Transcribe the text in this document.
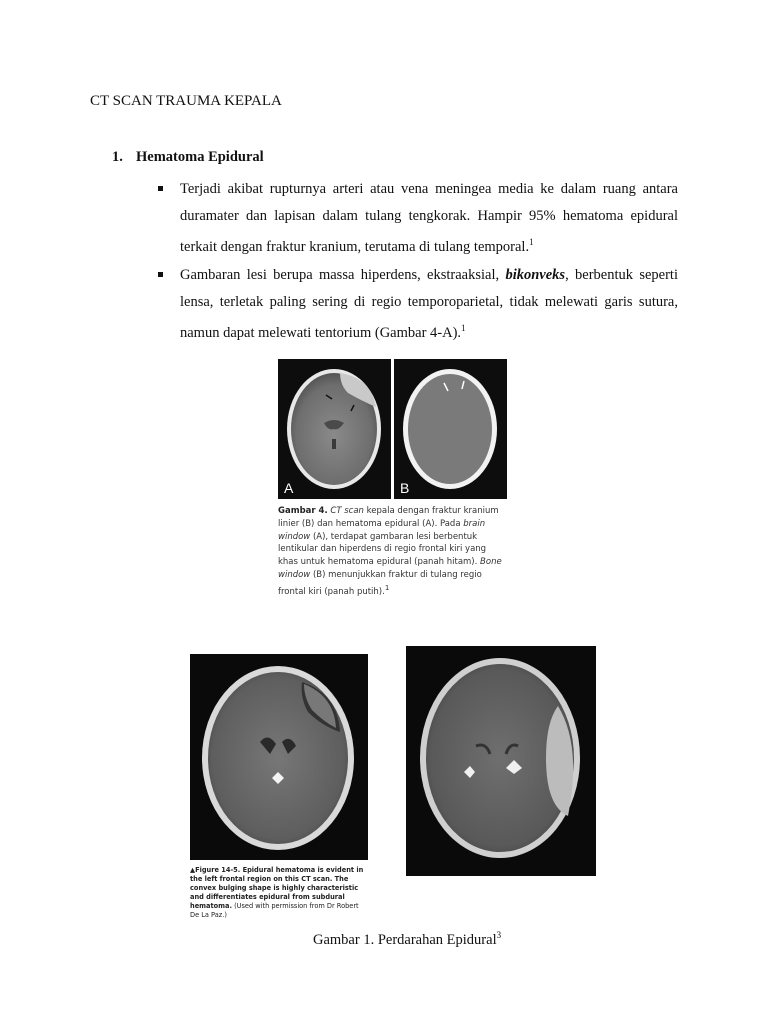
CT SCAN TRAUMA KEPALA
1. Hematoma Epidural
Terjadi akibat rupturnya arteri atau vena meningea media ke dalam ruang antara duramater dan lapisan dalam tulang tengkorak. Hampir 95% hematoma epidural terkait dengan fraktur kranium, terutama di tulang temporal.$^1$
Gambaran lesi berupa massa hiperdens, ekstraaksial, bikonveks, berbentuk seperti lensa, terletak paling sering di regio temporoparietal, tidak melewati garis sutura, namun dapat melewati tentorium (Gambar 4-A).$^1$
A	B
Gambar 4. CT scan kepala dengan fraktur kranium linier (B) dan hematoma epidural (A). Pada brain window (A), terdapat gambaran lesi berbentuk lentikular dan hiperdens di regio frontal kiri yang khas untuk hematoma epidural (panah hitam). Bone window (B) menunjukkan fraktur di tulang regio frontal kiri (panah putih).$^1$
▲Figure 14-5. Epidural hematoma is evident in the left frontal region on this CT scan. The convex bulging shape is highly characteristic and differentiates epidural from subdural hematoma. (Used with permission from Dr Robert De La Paz.)
Gambar 1. Perdarahan Epidural$^3$
